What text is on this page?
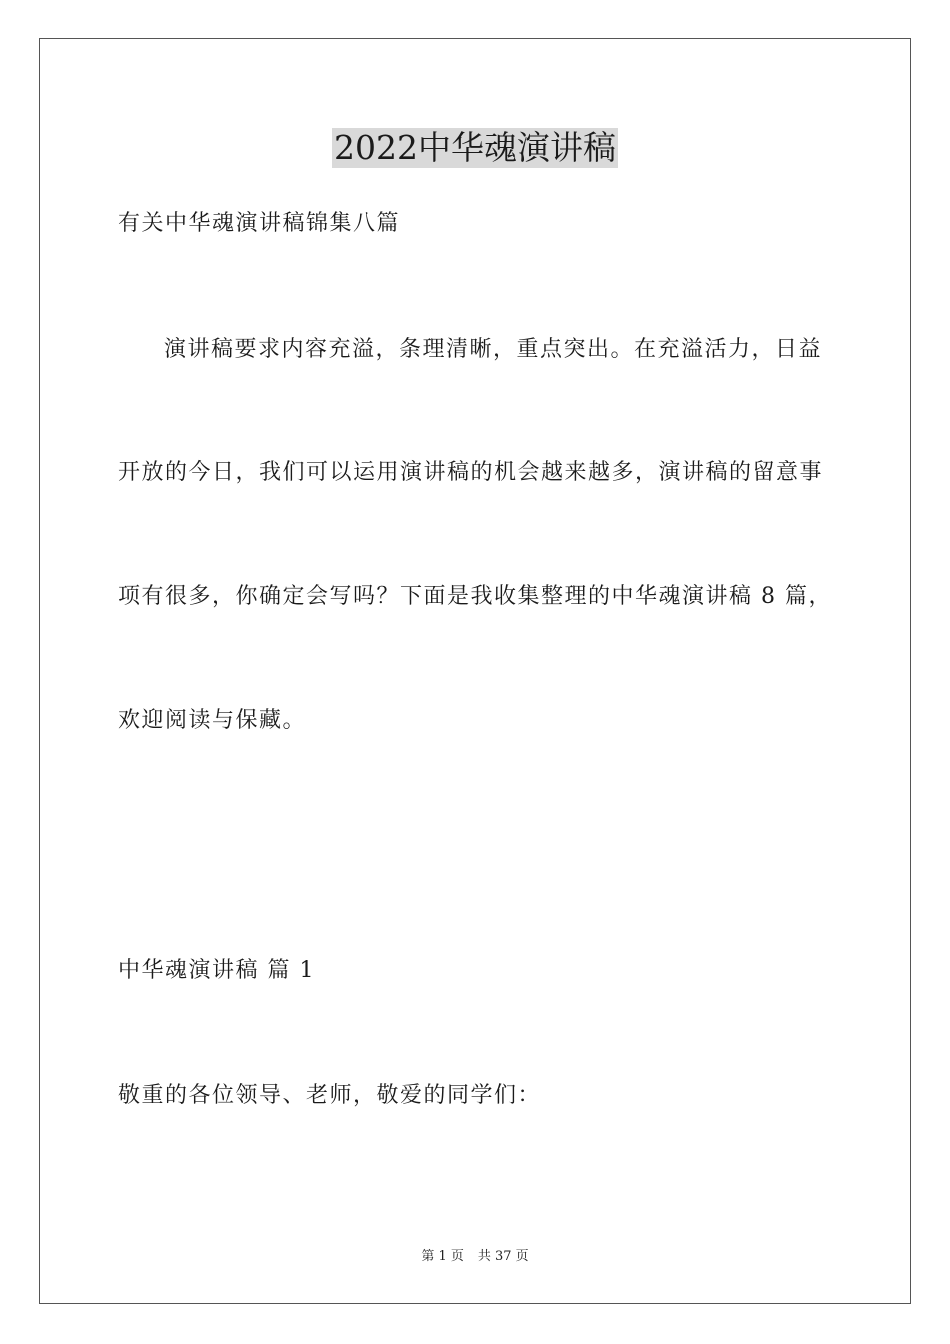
2022中华魂演讲稿
有关中华魂演讲稿锦集八篇
演讲稿要求内容充溢，条理清晰，重点突出。在充溢活力，日益
开放的今日，我们可以运用演讲稿的机会越来越多，演讲稿的留意事
项有很多，你确定会写吗？下面是我收集整理的中华魂演讲稿 8 篇，
欢迎阅读与保藏。
中华魂演讲稿 篇 1
敬重的各位领导、老师，敬爱的同学们：
第 1 页 共 37 页
